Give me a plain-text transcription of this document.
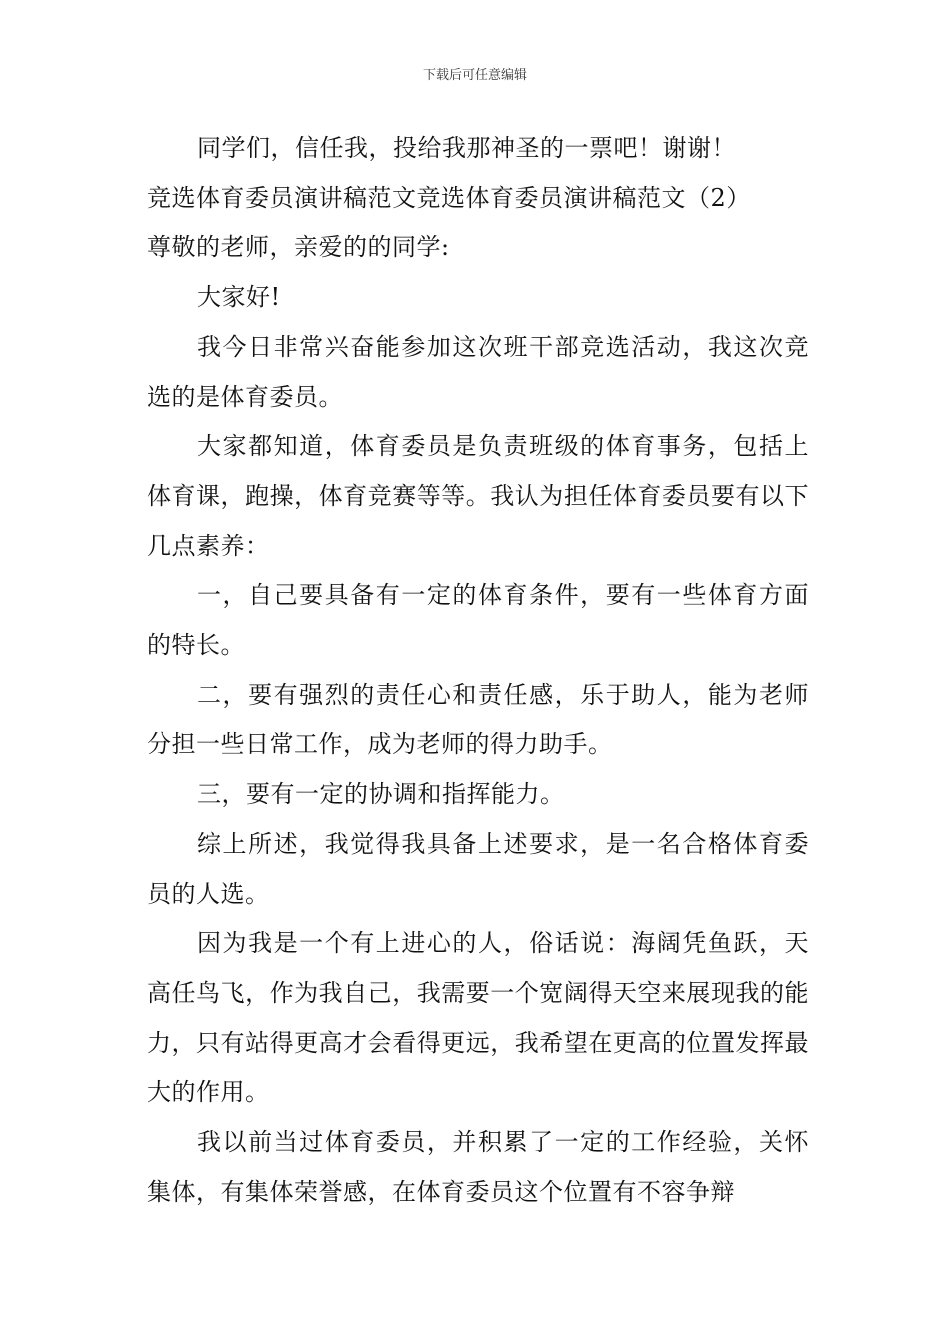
下载后可任意编辑

同学们，信任我，投给我那神圣的一票吧！谢谢！

竞选体育委员演讲稿范文竞选体育委员演讲稿范文（2）

尊敬的老师，亲爱的的同学:

大家好!

我今日非常兴奋能参加这次班干部竞选活动，我这次竞选的是体育委员。

大家都知道，体育委员是负责班级的体育事务，包括上体育课，跑操，体育竞赛等等。我认为担任体育委员要有以下几点素养：

一，自己要具备有一定的体育条件，要有一些体育方面的特长。

二，要有强烈的责任心和责任感，乐于助人，能为老师分担一些日常工作，成为老师的得力助手。

三，要有一定的协调和指挥能力。

综上所述，我觉得我具备上述要求，是一名合格体育委员的人选。

因为我是一个有上进心的人，俗话说：海阔凭鱼跃，天高任鸟飞，作为我自己，我需要一个宽阔得天空来展现我的能力，只有站得更高才会看得更远，我希望在更高的位置发挥最大的作用。

我以前当过体育委员，并积累了一定的工作经验，关怀集体，有集体荣誉感，在体育委员这个位置有不容争辩
